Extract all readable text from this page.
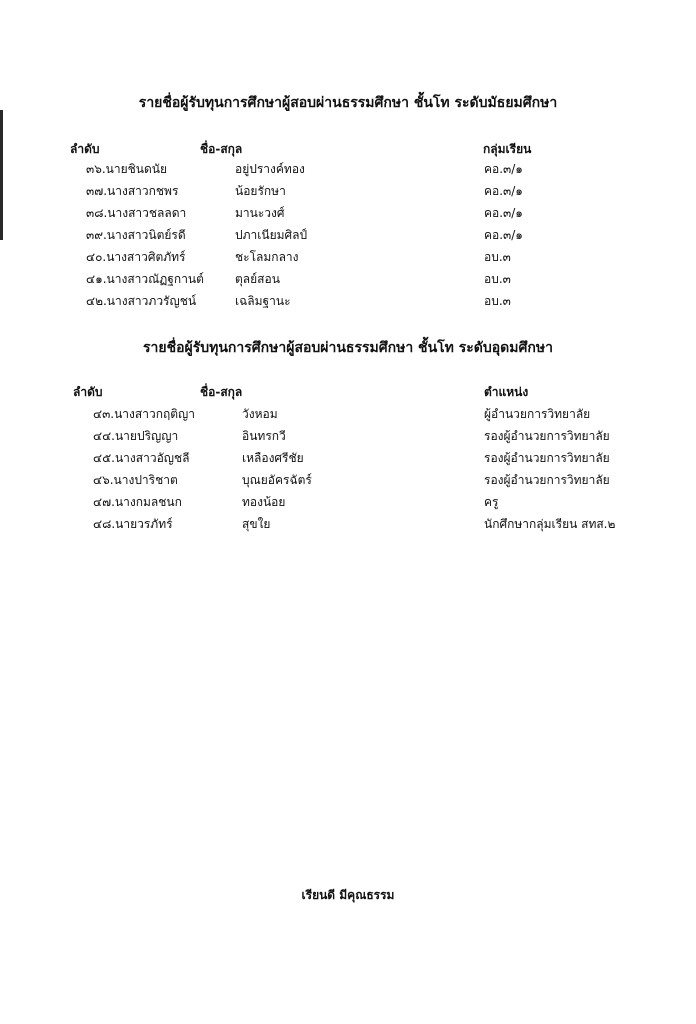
รายชื่อผู้รับทุนการศึกษาผู้สอบผ่านธรรมศึกษา ชั้นโท ระดับมัธยมศึกษา
ลำดับ	ชื่อ-สกุล	กลุ่มเรียน
๓๖.นายชินดนัย	อยู่ปรางค์ทอง	คอ.๓/๑
๓๗.นางสาวกชพร	น้อยรักษา	คอ.๓/๑
๓๘.นางสาวชลลดา	มานะวงศ์	คอ.๓/๑
๓๙.นางสาวนิตย์รดี	ปภาเนียมศิลป์	คอ.๓/๑
๔๐.นางสาวศิตภัทร์	ชะโลมกลาง	อบ.๓
๔๑.นางสาวณัฏฐกานต์	ตุลย์สอน	อบ.๓
๔๒.นางสาวภวรัญชน์	เฉลิมฐานะ	อบ.๓
รายชื่อผู้รับทุนการศึกษาผู้สอบผ่านธรรมศึกษา ชั้นโท ระดับอุดมศึกษา
ลำดับ	ชื่อ-สกุล	ตำแหน่ง
๔๓.นางสาวกฤติญา	วังหอม	ผู้อำนวยการวิทยาลัย
๔๔.นายปริญญา	อินทรกวี	รองผู้อำนวยการวิทยาลัย
๔๕.นางสาวอัญชลี	เหลืองศรีชัย	รองผู้อำนวยการวิทยาลัย
๔๖.นางปาริชาต	บุณยอัครฉัตร์	รองผู้อำนวยการวิทยาลัย
๔๗.นางกมลชนก	ทองน้อย	ครู
๔๘.นายวรภัทร์	สุขใย	นักศึกษากลุ่มเรียน สทส.๒
เรียนดี มีคุณธรรม
